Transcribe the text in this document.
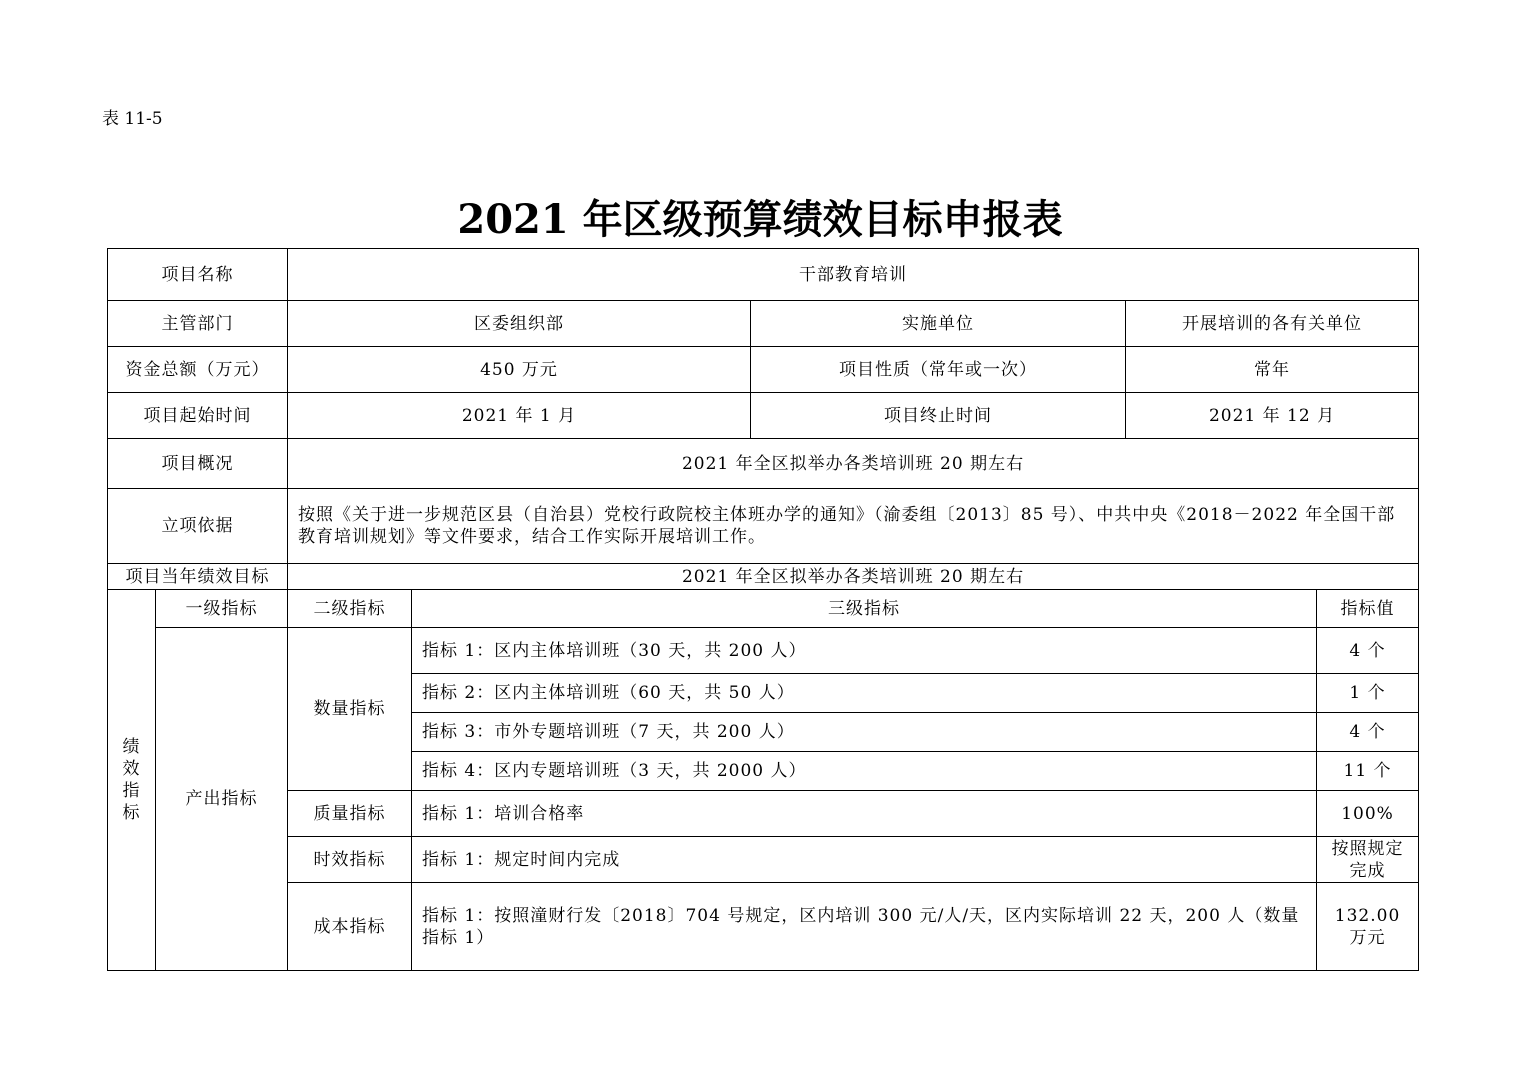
表 11-5
2021 年区级预算绩效目标申报表
项目名称		干部教育培训				
主管部门		区委组织部		实施单位	开展培训的各有关单位	
资金总额（万元）		450 万元		项目性质（常年或一次）	常年	
项目起始时间		2021 年 1 月		项目终止时间	2021 年 12 月	
项目概况		2021 年全区拟举办各类培训班 20 期左右				
立项依据		按照《关于进一步规范区县（自治县）党校行政院校主体班办学的通知》（渝委组〔2013〕85 号）、中共中央《2018－2022 年全国干部教育培训规划》等文件要求，结合工作实际开展培训工作。				
项目当年绩效目标		2021 年全区拟举办各类培训班 20 期左右				
绩效指标	一级指标	二级指标	三级指标			指标值
	产出指标	数量指标	指标 1：区内主体培训班（30 天，共 200 人）			4 个
			指标 2：区内主体培训班（60 天，共 50 人）			1 个
			指标 3：市外专题培训班（7 天，共 200 人）			4 个
			指标 4：区内专题培训班（3 天，共 2000 人）			11 个
		质量指标	指标 1：培训合格率			100%
		时效指标	指标 1：规定时间内完成			按照规定完成
		成本指标	指标 1：按照潼财行发〔2018〕704 号规定，区内培训 300 元/人/天，区内实际培训 22 天，200 人（数量指标 1）			132.00 万元
